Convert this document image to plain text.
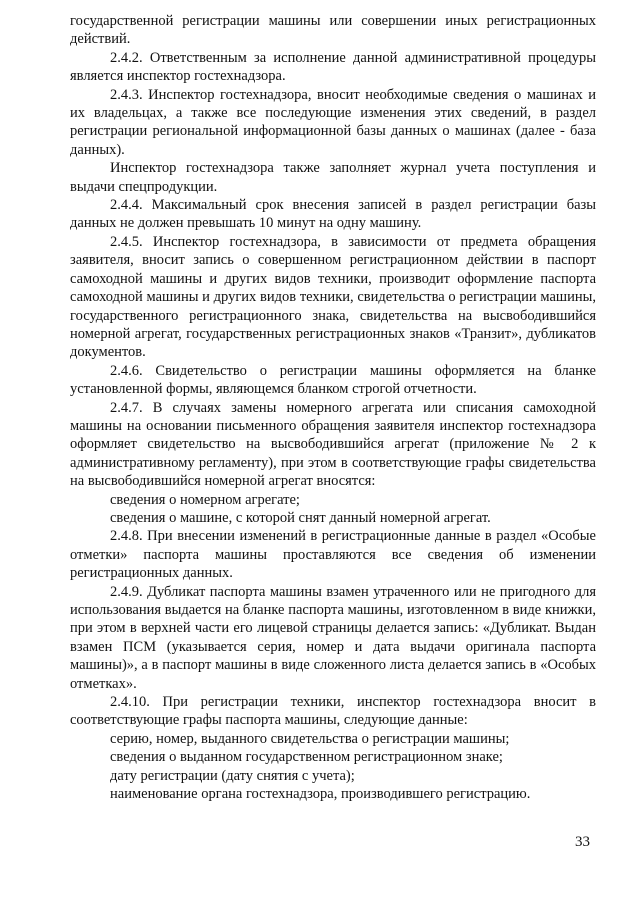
государственной регистрации машины или совершении иных регистрационных действий.

2.4.2. Ответственным за исполнение данной административной процедуры является инспектор гостехнадзора.

2.4.3. Инспектор гостехнадзора, вносит необходимые сведения о машинах и их владельцах, а также все последующие изменения этих сведений, в раздел регистрации региональной информационной базы данных о машинах (далее - база данных).

Инспектор гостехнадзора также заполняет журнал учета поступления и выдачи спецпродукции.

2.4.4. Максимальный срок внесения записей в раздел регистрации базы данных не должен превышать 10 минут на одну машину.

2.4.5. Инспектор гостехнадзора, в зависимости от предмета обращения заявителя, вносит запись о совершенном регистрационном действии в паспорт самоходной машины и других видов техники, производит оформление паспорта самоходной машины и других видов техники, свидетельства о регистрации машины, государственного регистрационного знака, свидетельства на высвободившийся номерной агрегат, государственных регистрационных знаков «Транзит», дубликатов документов.

2.4.6. Свидетельство о регистрации машины оформляется на бланке установленной формы, являющемся бланком строгой отчетности.

2.4.7. В случаях замены номерного агрегата или списания самоходной машины на основании письменного обращения заявителя инспектор гостехнадзора оформляет свидетельство на высвободившийся агрегат (приложение № 2 к административному регламенту), при этом в соответствующие графы свидетельства на высвободившийся номерной агрегат вносятся:

сведения о номерном агрегате;

сведения о машине, с которой снят данный номерной агрегат.

2.4.8. При внесении изменений в регистрационные данные в раздел «Особые отметки» паспорта машины проставляются все сведения об изменении регистрационных данных.

2.4.9. Дубликат паспорта машины взамен утраченного или не пригодного для использования выдается на бланке паспорта машины, изготовленном в виде книжки, при этом в верхней части его лицевой страницы делается запись: «Дубликат. Выдан взамен ПСМ (указывается серия, номер и дата выдачи оригинала паспорта машины)», а в паспорт машины в виде сложенного листа делается запись в «Особых отметках».

2.4.10. При регистрации техники, инспектор гостехнадзора вносит в соответствующие графы паспорта машины, следующие данные:

серию, номер, выданного свидетельства о регистрации машины;

сведения о выданном государственном регистрационном знаке;

дату регистрации (дату снятия с учета);

наименование органа гостехнадзора, производившего регистрацию.

33
